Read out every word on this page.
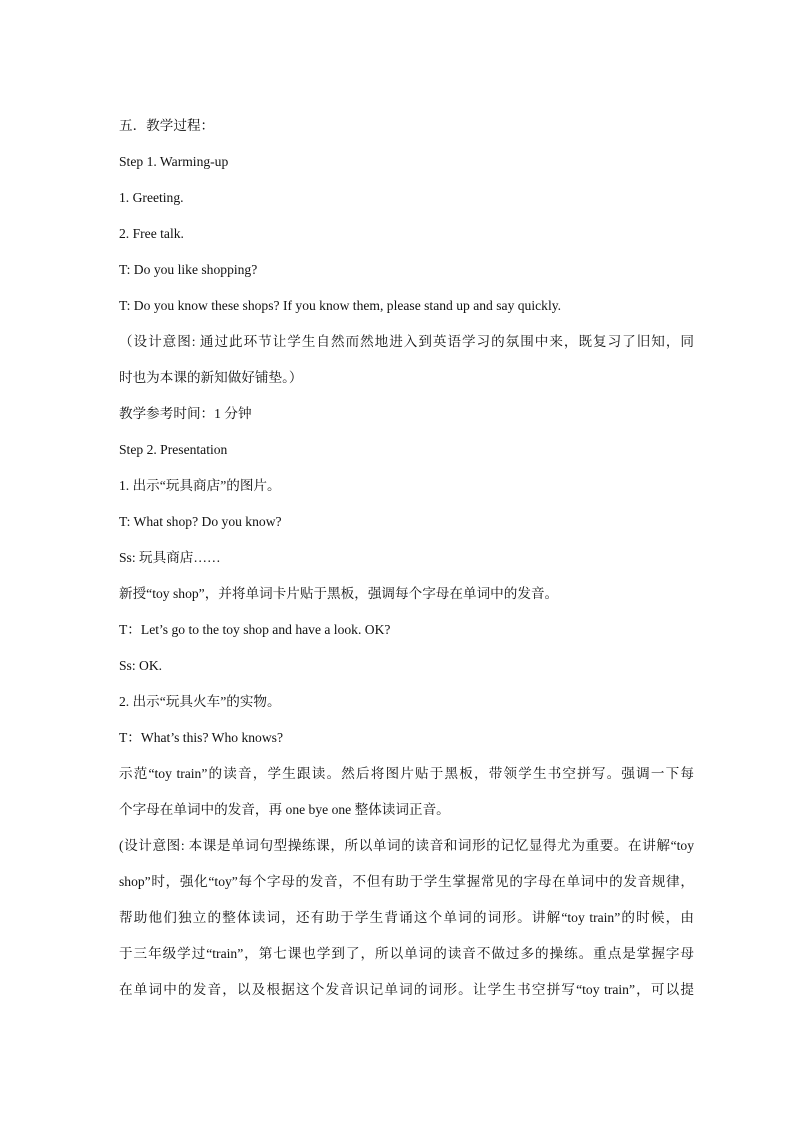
五．教学过程：

Step 1. Warming-up

1. Greeting.

2. Free talk.

T: Do you like shopping?

T: Do you know these shops? If you know them, please stand up and say quickly.

（设计意图: 通过此环节让学生自然而然地进入到英语学习的氛围中来，既复习了旧知，同

时也为本课的新知做好铺垫。）

教学参考时间：1 分钟

Step 2. Presentation

1. 出示“玩具商店”的图片。

T: What shop? Do you know?

Ss: 玩具商店……

新授“toy shop”，并将单词卡片贴于黑板，强调每个字母在单词中的发音。

T：Let’s go to the toy shop and have a look. OK?

Ss: OK.

2. 出示“玩具火车”的实物。

T：What’s this? Who knows?

示范“toy train”的读音，学生跟读。然后将图片贴于黑板，带领学生书空拼写。强调一下每

个字母在单词中的发音，再 one bye one 整体读词正音。

(设计意图: 本课是单词句型操练课，所以单词的读音和词形的记忆显得尤为重要。在讲解“toy

shop”时，强化“toy”每个字母的发音，不但有助于学生掌握常见的字母在单词中的发音规律，

帮助他们独立的整体读词，还有助于学生背诵这个单词的词形。讲解“toy train”的时候，由

于三年级学过“train”，第七课也学到了，所以单词的读音不做过多的操练。重点是掌握字母

在单词中的发音，以及根据这个发音识记单词的词形。让学生书空拼写“toy train”，可以提
